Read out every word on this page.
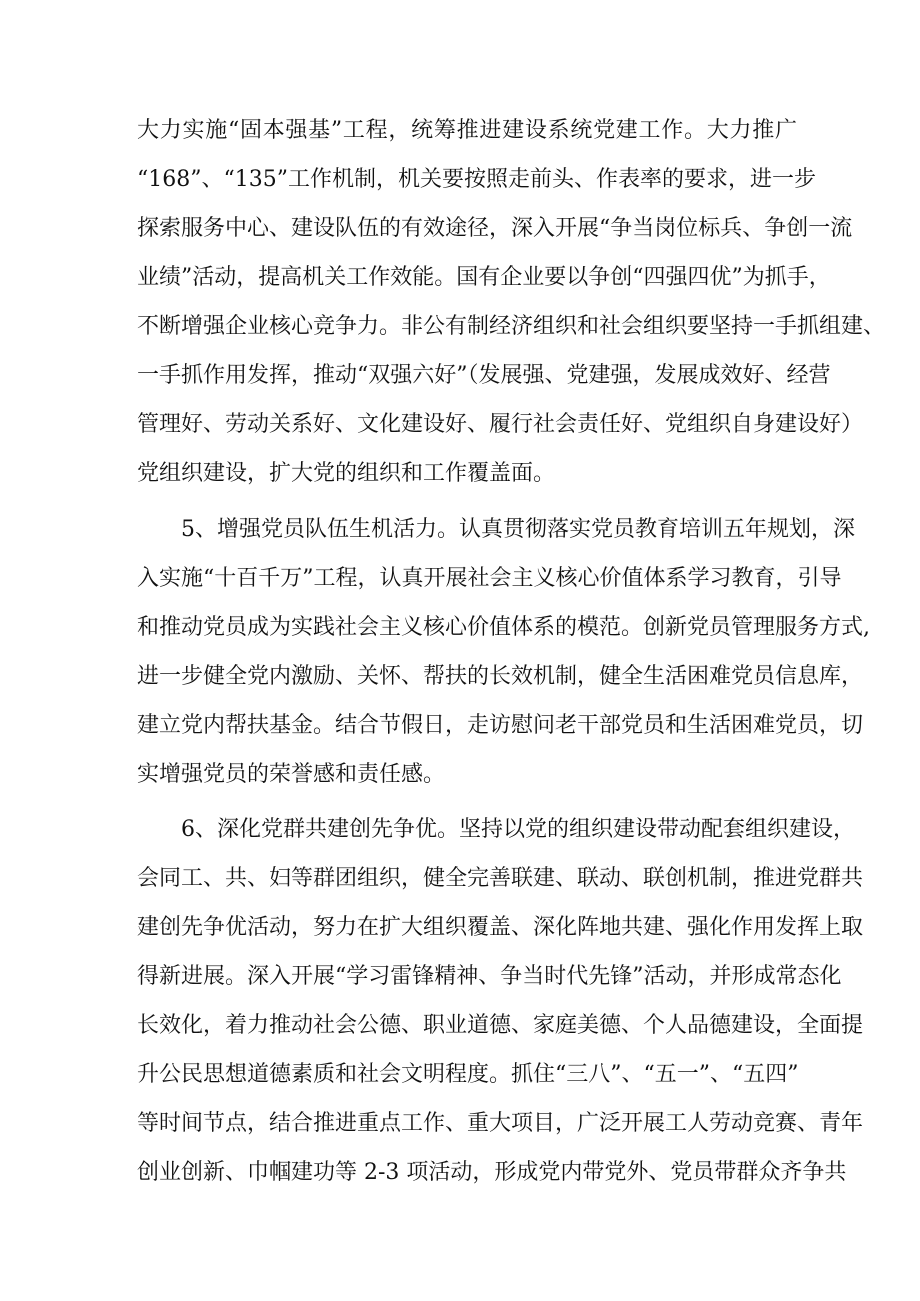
大力实施“固本强基”工程，统筹推进建设系统党建工作。大力推广
“168”、“135”工作机制，机关要按照走前头、作表率的要求，进一步
探索服务中心、建设队伍的有效途径，深入开展“争当岗位标兵、争创一流
业绩”活动，提高机关工作效能。国有企业要以争创“四强四优”为抓手，
不断增强企业核心竞争力。非公有制经济组织和社会组织要坚持一手抓组建、
一手抓作用发挥，推动“双强六好”（发展强、党建强，发展成效好、经营
管理好、劳动关系好、文化建设好、履行社会责任好、党组织自身建设好）
党组织建设，扩大党的组织和工作覆盖面。
5、增强党员队伍生机活力。认真贯彻落实党员教育培训五年规划，深
入实施“十百千万”工程，认真开展社会主义核心价值体系学习教育，引导
和推动党员成为实践社会主义核心价值体系的模范。创新党员管理服务方式,
进一步健全党内激励、关怀、帮扶的长效机制，健全生活困难党员信息库，
建立党内帮扶基金。结合节假日，走访慰问老干部党员和生活困难党员，切
实增强党员的荣誉感和责任感。
6、深化党群共建创先争优。坚持以党的组织建设带动配套组织建设，
会同工、共、妇等群团组织，健全完善联建、联动、联创机制，推进党群共
建创先争优活动，努力在扩大组织覆盖、深化阵地共建、强化作用发挥上取
得新进展。深入开展“学习雷锋精神、争当时代先锋”活动，并形成常态化
长效化，着力推动社会公德、职业道德、家庭美德、个人品德建设，全面提
升公民思想道德素质和社会文明程度。抓住“三八”、“五一”、“五四”
等时间节点，结合推进重点工作、重大项目，广泛开展工人劳动竞赛、青年
创业创新、巾帼建功等 2-3 项活动，形成党内带党外、党员带群众齐争共
